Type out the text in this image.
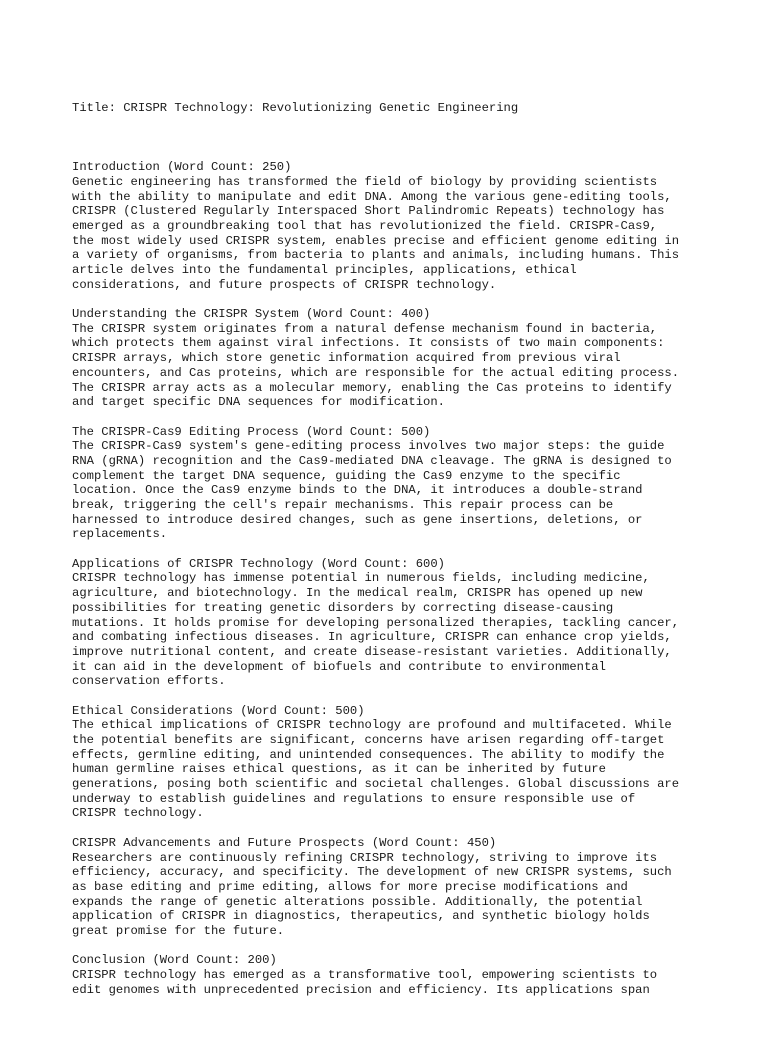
Title: CRISPR Technology: Revolutionizing Genetic Engineering

Introduction (Word Count: 250)
Genetic engineering has transformed the field of biology by providing scientists
with the ability to manipulate and edit DNA. Among the various gene-editing tools,
CRISPR (Clustered Regularly Interspaced Short Palindromic Repeats) technology has
emerged as a groundbreaking tool that has revolutionized the field. CRISPR-Cas9,
the most widely used CRISPR system, enables precise and efficient genome editing in
a variety of organisms, from bacteria to plants and animals, including humans. This
article delves into the fundamental principles, applications, ethical
considerations, and future prospects of CRISPR technology.
Understanding the CRISPR System (Word Count: 400)
The CRISPR system originates from a natural defense mechanism found in bacteria,
which protects them against viral infections. It consists of two main components:
CRISPR arrays, which store genetic information acquired from previous viral
encounters, and Cas proteins, which are responsible for the actual editing process.
The CRISPR array acts as a molecular memory, enabling the Cas proteins to identify
and target specific DNA sequences for modification.
The CRISPR-Cas9 Editing Process (Word Count: 500)
The CRISPR-Cas9 system's gene-editing process involves two major steps: the guide
RNA (gRNA) recognition and the Cas9-mediated DNA cleavage. The gRNA is designed to
complement the target DNA sequence, guiding the Cas9 enzyme to the specific
location. Once the Cas9 enzyme binds to the DNA, it introduces a double-strand
break, triggering the cell's repair mechanisms. This repair process can be
harnessed to introduce desired changes, such as gene insertions, deletions, or
replacements.
Applications of CRISPR Technology (Word Count: 600)
CRISPR technology has immense potential in numerous fields, including medicine,
agriculture, and biotechnology. In the medical realm, CRISPR has opened up new
possibilities for treating genetic disorders by correcting disease-causing
mutations. It holds promise for developing personalized therapies, tackling cancer,
and combating infectious diseases. In agriculture, CRISPR can enhance crop yields,
improve nutritional content, and create disease-resistant varieties. Additionally,
it can aid in the development of biofuels and contribute to environmental
conservation efforts.
Ethical Considerations (Word Count: 500)
The ethical implications of CRISPR technology are profound and multifaceted. While
the potential benefits are significant, concerns have arisen regarding off-target
effects, germline editing, and unintended consequences. The ability to modify the
human germline raises ethical questions, as it can be inherited by future
generations, posing both scientific and societal challenges. Global discussions are
underway to establish guidelines and regulations to ensure responsible use of
CRISPR technology.
CRISPR Advancements and Future Prospects (Word Count: 450)
Researchers are continuously refining CRISPR technology, striving to improve its
efficiency, accuracy, and specificity. The development of new CRISPR systems, such
as base editing and prime editing, allows for more precise modifications and
expands the range of genetic alterations possible. Additionally, the potential
application of CRISPR in diagnostics, therapeutics, and synthetic biology holds
great promise for the future.
Conclusion (Word Count: 200)
CRISPR technology has emerged as a transformative tool, empowering scientists to
edit genomes with unprecedented precision and efficiency. Its applications span
